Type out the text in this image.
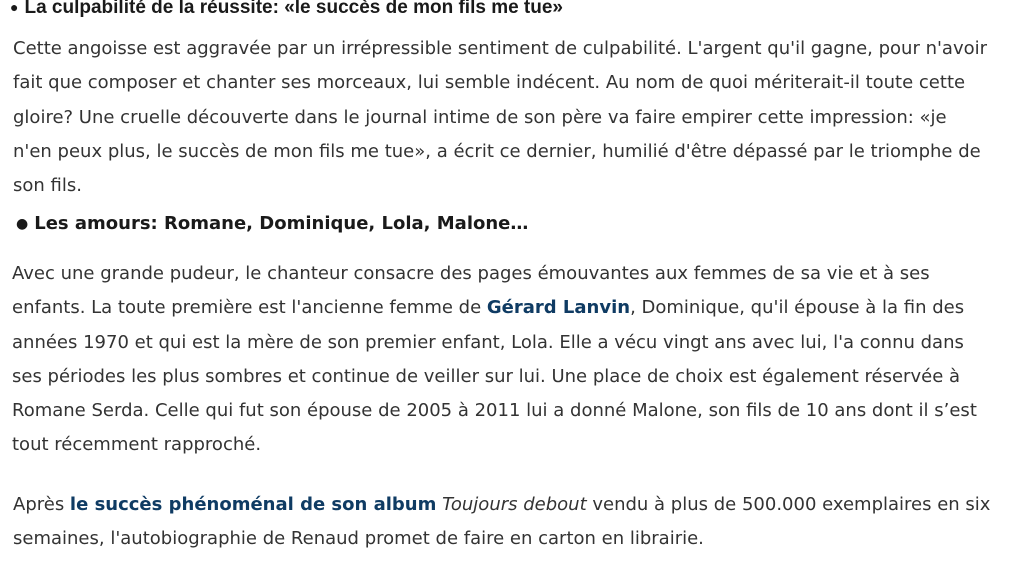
● La culpabilité de la réussite: «le succès de mon fils me tue»

Cette angoisse est aggravée par un irrépressible sentiment de culpabilité. L'argent qu'il gagne, pour n'avoir
fait que composer et chanter ses morceaux, lui semble indécent. Au nom de quoi mériterait-il toute cette
gloire? Une cruelle découverte dans le journal intime de son père va faire empirer cette impression: «je
n'en peux plus, le succès de mon fils me tue», a écrit ce dernier, humilié d'être dépassé par le triomphe de
son fils.

● Les amours: Romane, Dominique, Lola, Malone…

Avec une grande pudeur, le chanteur consacre des pages émouvantes aux femmes de sa vie et à ses
enfants. La toute première est l'ancienne femme de Gérard Lanvin, Dominique, qu'il épouse à la fin des
années 1970 et qui est la mère de son premier enfant, Lola. Elle a vécu vingt ans avec lui, l'a connu dans
ses périodes les plus sombres et continue de veiller sur lui. Une place de choix est également réservée à
Romane Serda. Celle qui fut son épouse de 2005 à 2011 lui a donné Malone, son fils de 10 ans dont il s’est
tout récemment rapproché.

Après le succès phénoménal de son album Toujours debout vendu à plus de 500.000 exemplaires en six
semaines, l'autobiographie de Renaud promet de faire en carton en librairie.
